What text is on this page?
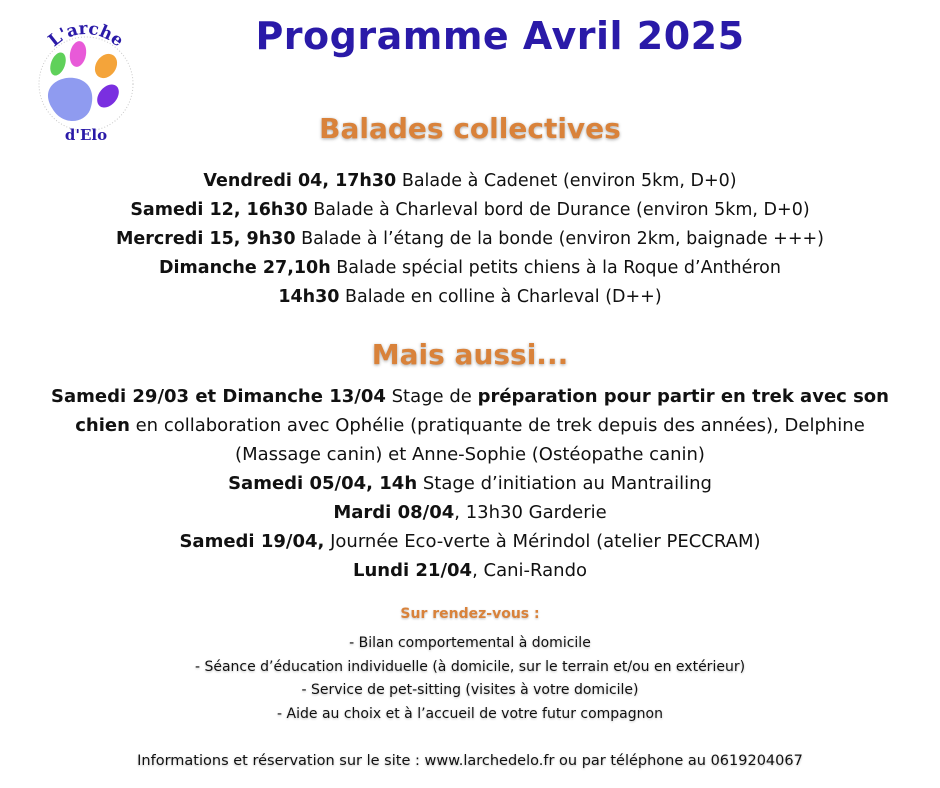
L'arche
d'Elo
Programme Avril 2025
Balades collectives
Vendredi 04, 17h30 Balade à Cadenet (environ 5km, D+0)
Samedi 12, 16h30 Balade à Charleval bord de Durance (environ 5km, D+0)
Mercredi 15, 9h30 Balade à l’étang de la bonde (environ 2km, baignade +++)
Dimanche 27,10h Balade spécial petits chiens à la Roque d’Anthéron
14h30 Balade en colline à Charleval (D++)
Mais aussi...
Samedi 29/03 et Dimanche 13/04 Stage de préparation pour partir en trek avec son chien en collaboration avec Ophélie (pratiquante de trek depuis des années), Delphine (Massage canin) et Anne-Sophie (Ostéopathe canin)
Samedi 05/04, 14h Stage d’initiation au Mantrailing
Mardi 08/04, 13h30 Garderie
Samedi 19/04, Journée Eco-verte à Mérindol (atelier PECCRAM)
Lundi 21/04, Cani-Rando
Sur rendez-vous :
- Bilan comportemental à domicile
- Séance d’éducation individuelle (à domicile, sur le terrain et/ou en extérieur)
- Service de pet-sitting (visites à votre domicile)
- Aide au choix et à l’accueil de votre futur compagnon
Informations et réservation sur le site : www.larchedelo.fr ou par téléphone au 0619204067
